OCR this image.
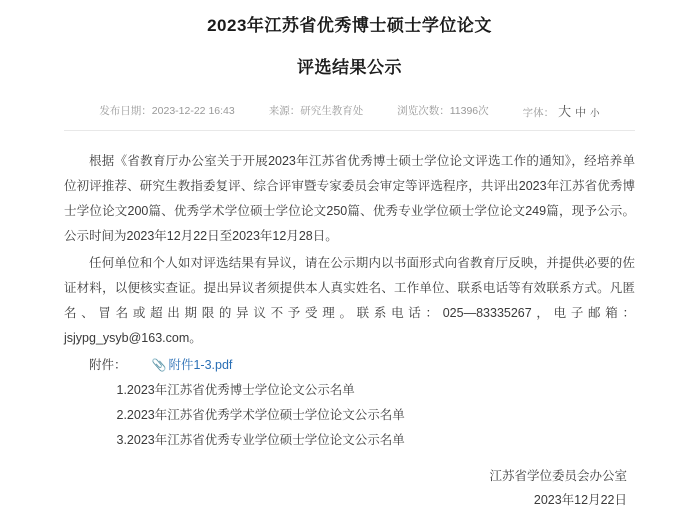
2023年江苏省优秀博士硕士学位论文
评选结果公示
发布日期：2023-12-22 16:43	来源：研究生教育处	浏览次数：11396次	字体： 大 中 小

根据《省教育厅办公室关于开展2023年江苏省优秀博士硕士学位论文评选工作的通知》，经培养单位初评推荐、研究生教指委复评、综合评审暨专家委员会审定等评选程序，共评出2023年江苏省优秀博士学位论文200篇、优秀学术学位硕士学位论文250篇、优秀专业学位硕士学位论文249篇，现予公示。公示时间为2023年12月22日至2023年12月28日。

任何单位和个人如对评选结果有异议，请在公示期内以书面形式向省教育厅反映，并提供必要的佐证材料，以便核实查证。提出异议者须提供本人真实姓名、工作单位、联系电话等有效联系方式。凡匿名、冒名或超出期限的异议不予受理。联系电话：025—83335267，电子邮箱：jsjypg_ysyb@163.com。

附件： 📎 附件1-3.pdf
1.2023年江苏省优秀博士学位论文公示名单
2.2023年江苏省优秀学术学位硕士学位论文公示名单
3.2023年江苏省优秀专业学位硕士学位论文公示名单
江苏省学位委员会办公室
2023年12月22日
